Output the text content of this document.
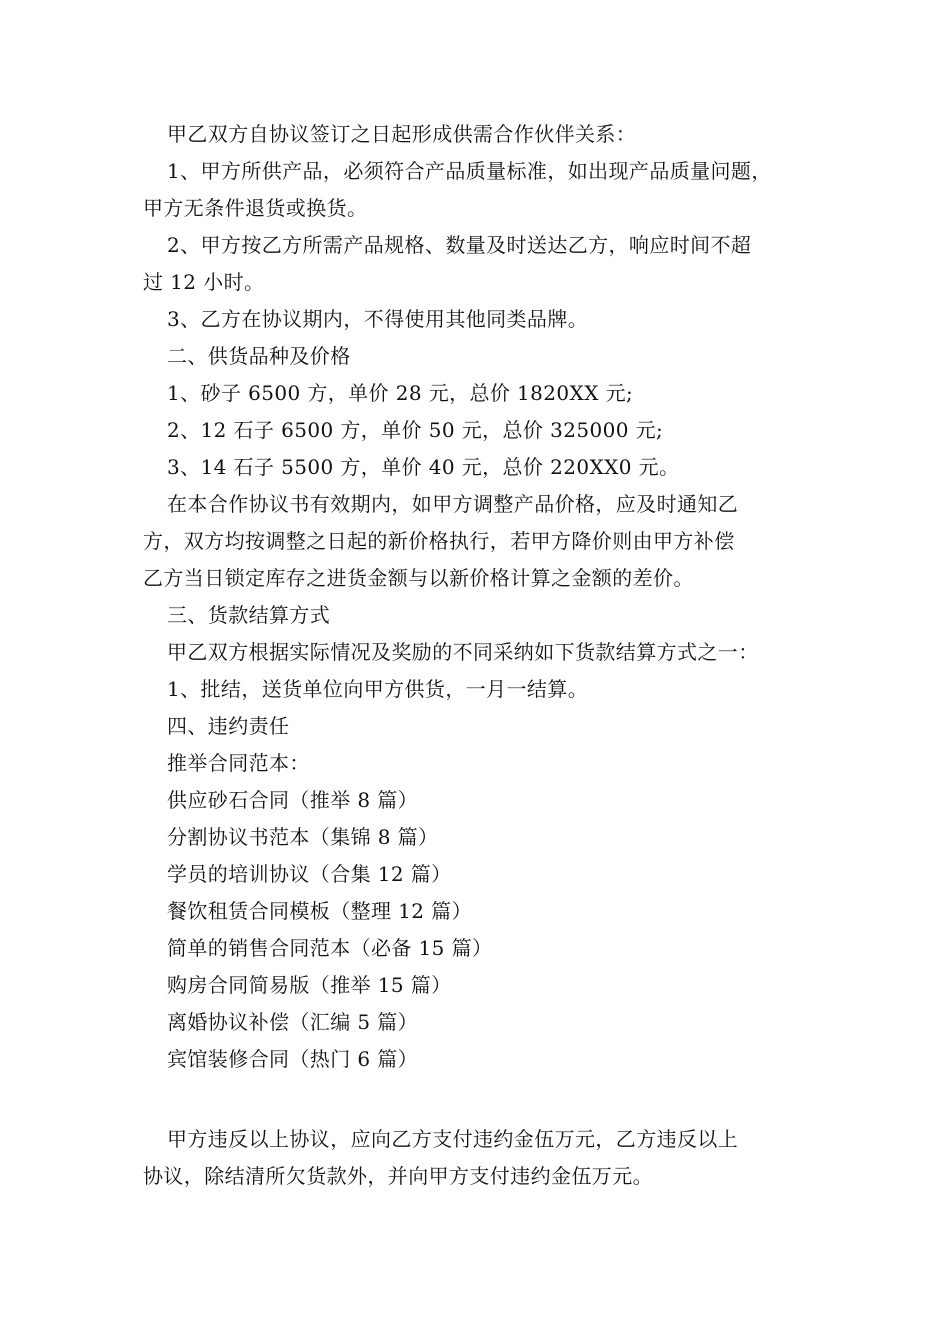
甲乙双方自协议签订之日起形成供需合作伙伴关系：
1、甲方所供产品，必须符合产品质量标准，如出现产品质量问题，
甲方无条件退货或换货。
2、甲方按乙方所需产品规格、数量及时送达乙方，响应时间不超
过 12 小时。
3、乙方在协议期内，不得使用其他同类品牌。
二、供货品种及价格
1、砂子 6500 方，单价 28 元，总价 1820XX 元;
2、12 石子 6500 方，单价 50 元，总价 325000 元;
3、14 石子 5500 方，单价 40 元，总价 220XX0 元。
在本合作协议书有效期内，如甲方调整产品价格，应及时通知乙
方，双方均按调整之日起的新价格执行，若甲方降价则由甲方补偿
乙方当日锁定库存之进货金额与以新价格计算之金额的差价。
三、货款结算方式
甲乙双方根据实际情况及奖励的不同采纳如下货款结算方式之一：
1、批结，送货单位向甲方供货，一月一结算。
四、违约责任
推举合同范本：
供应砂石合同（推举 8 篇）
分割协议书范本（集锦 8 篇）
学员的培训协议（合集 12 篇）
餐饮租赁合同模板（整理 12 篇）
简单的销售合同范本（必备 15 篇）
购房合同简易版（推举 15 篇）
离婚协议补偿（汇编 5 篇）
宾馆装修合同（热门 6 篇）
甲方违反以上协议，应向乙方支付违约金伍万元，乙方违反以上
协议，除结清所欠货款外，并向甲方支付违约金伍万元。
